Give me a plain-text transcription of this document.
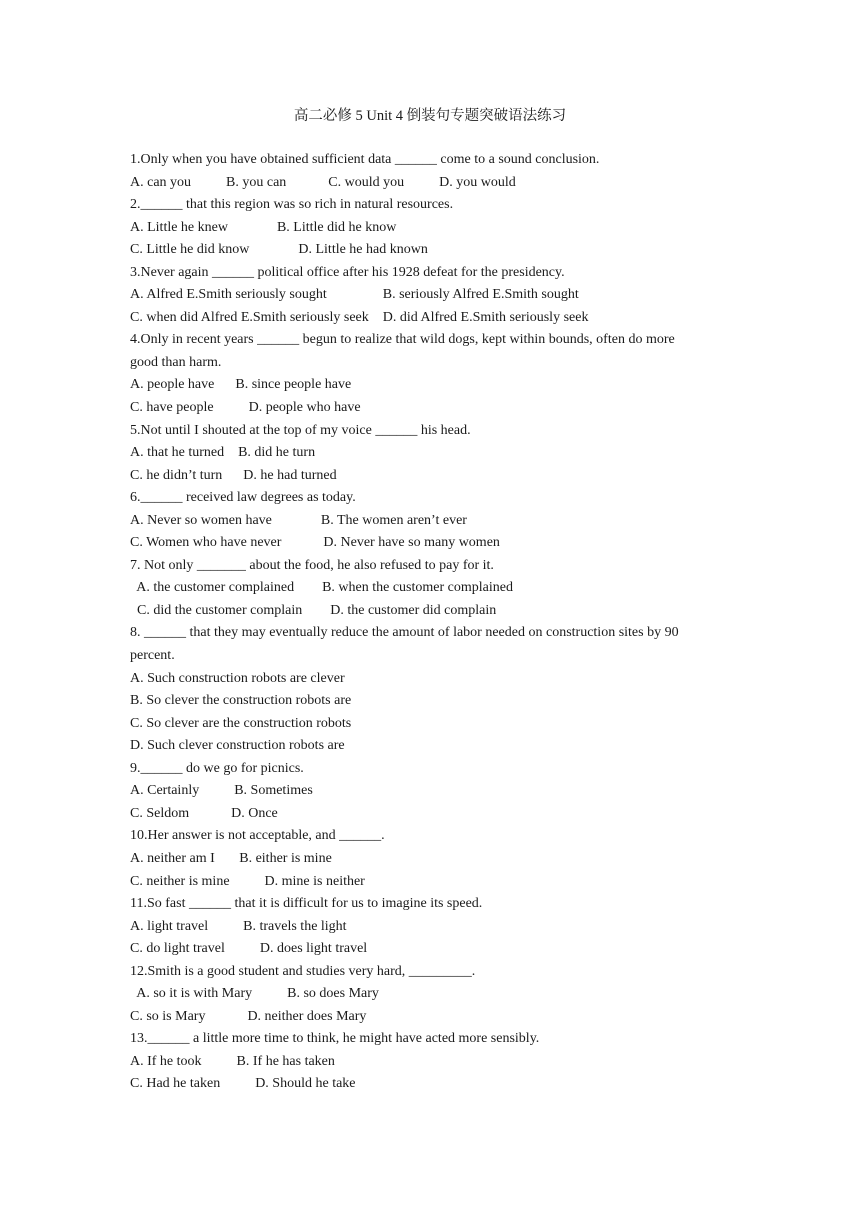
高二必修 5 Unit 4 倒装句专题突破语法练习
1.Only when you have obtained sufficient data ______ come to a sound conclusion.
A. can you          B. you can            C. would you          D. you would
2.______ that this region was so rich in natural resources.
A. Little he knew              B. Little did he know
C. Little he did know              D. Little he had known
3.Never again ______ political office after his 1928 defeat for the presidency.
A. Alfred E.Smith seriously sought                B. seriously Alfred E.Smith sought
C. when did Alfred E.Smith seriously seek    D. did Alfred E.Smith seriously seek
4.Only in recent years ______ begun to realize that wild dogs, kept within bounds, often do more
good than harm.
A. people have      B. since people have
C. have people          D. people who have
5.Not until I shouted at the top of my voice ______ his head.
A. that he turned    B. did he turn
C. he didn’t turn      D. he had turned
6.______ received law degrees as today.
A. Never so women have              B. The women aren’t ever
C. Women who have never            D. Never have so many women
7. Not only _______ about the food, he also refused to pay for it.
A. the customer complained        B. when the customer complained
C. did the customer complain        D. the customer did complain
8. ______ that they may eventually reduce the amount of labor needed on construction sites by 90
percent.
A. Such construction robots are clever
B. So clever the construction robots are
C. So clever are the construction robots
D. Such clever construction robots are
9.______ do we go for picnics.
A. Certainly          B. Sometimes
C. Seldom            D. Once
10.Her answer is not acceptable, and ______.
A. neither am I       B. either is mine
C. neither is mine          D. mine is neither
11.So fast ______ that it is difficult for us to imagine its speed.
A. light travel          B. travels the light
C. do light travel          D. does light travel
12.Smith is a good student and studies very hard, _________.
A. so it is with Mary          B. so does Mary
C. so is Mary            D. neither does Mary
13.______ a little more time to think, he might have acted more sensibly.
A. If he took          B. If he has taken
C. Had he taken          D. Should he take
